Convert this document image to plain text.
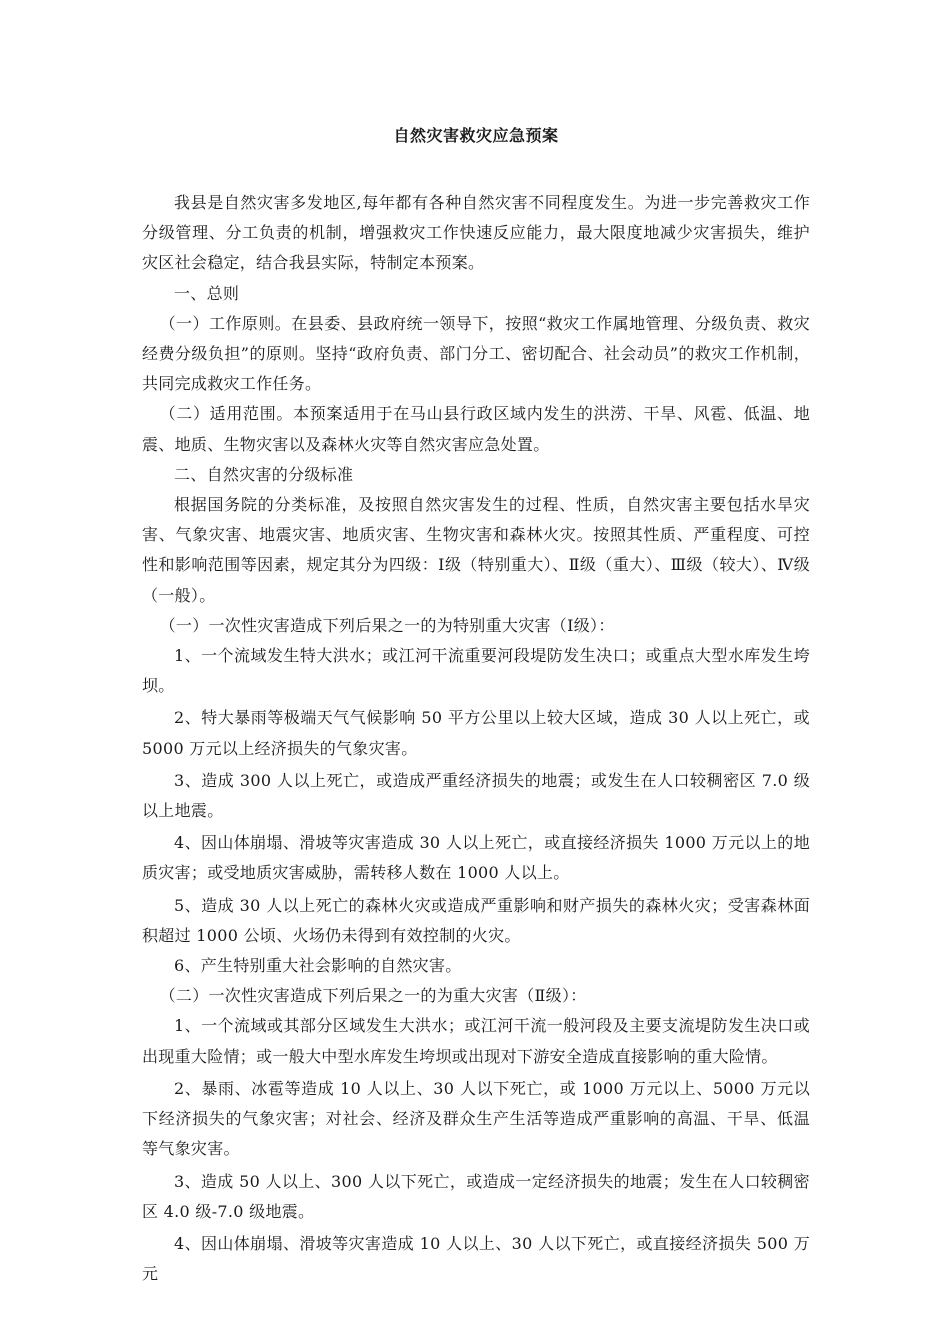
自然灾害救灾应急预案

我县是自然灾害多发地区,每年都有各种自然灾害不同程度发生。为进一步完善救灾工作分级管理、分工负责的机制，增强救灾工作快速反应能力，最大限度地减少灾害损失，维护灾区社会稳定，结合我县实际，特制定本预案。

一、总则

（一）工作原则。在县委、县政府统一领导下，按照“救灾工作属地管理、分级负责、救灾经费分级负担”的原则。坚持“政府负责、部门分工、密切配合、社会动员”的救灾工作机制，共同完成救灾工作任务。

（二）适用范围。本预案适用于在马山县行政区域内发生的洪涝、干旱、风雹、低温、地震、地质、生物灾害以及森林火灾等自然灾害应急处置。

二、自然灾害的分级标准

根据国务院的分类标准，及按照自然灾害发生的过程、性质，自然灾害主要包括水旱灾害、气象灾害、地震灾害、地质灾害、生物灾害和森林火灾。按照其性质、严重程度、可控性和影响范围等因素，规定其分为四级：Ⅰ级（特别重大）、Ⅱ级（重大）、Ⅲ级（较大）、Ⅳ级（一般）。

（一）一次性灾害造成下列后果之一的为特别重大灾害（Ⅰ级）：

1、一个流域发生特大洪水；或江河干流重要河段堤防发生决口；或重点大型水库发生垮坝。

2、特大暴雨等极端天气气候影响 50 平方公里以上较大区域，造成 30 人以上死亡，或 5000 万元以上经济损失的气象灾害。

3、造成 300 人以上死亡，或造成严重经济损失的地震；或发生在人口较稠密区 7.0 级以上地震。

4、因山体崩塌、滑坡等灾害造成 30 人以上死亡，或直接经济损失 1000 万元以上的地质灾害；或受地质灾害威胁，需转移人数在 1000 人以上。

5、造成 30 人以上死亡的森林火灾或造成严重影响和财产损失的森林火灾；受害森林面积超过 1000 公顷、火场仍未得到有效控制的火灾。

6、产生特别重大社会影响的自然灾害。

（二）一次性灾害造成下列后果之一的为重大灾害（Ⅱ级）：

1、一个流域或其部分区域发生大洪水；或江河干流一般河段及主要支流堤防发生决口或出现重大险情；或一般大中型水库发生垮坝或出现对下游安全造成直接影响的重大险情。

2、暴雨、冰雹等造成 10 人以上、30 人以下死亡，或 1000 万元以上、5000 万元以下经济损失的气象灾害；对社会、经济及群众生产生活等造成严重影响的高温、干旱、低温等气象灾害。

3、造成 50 人以上、300 人以下死亡，或造成一定经济损失的地震；发生在人口较稠密区 4.0 级-7.0 级地震。

4、因山体崩塌、滑坡等灾害造成 10 人以上、30 人以下死亡，或直接经济损失 500 万元
